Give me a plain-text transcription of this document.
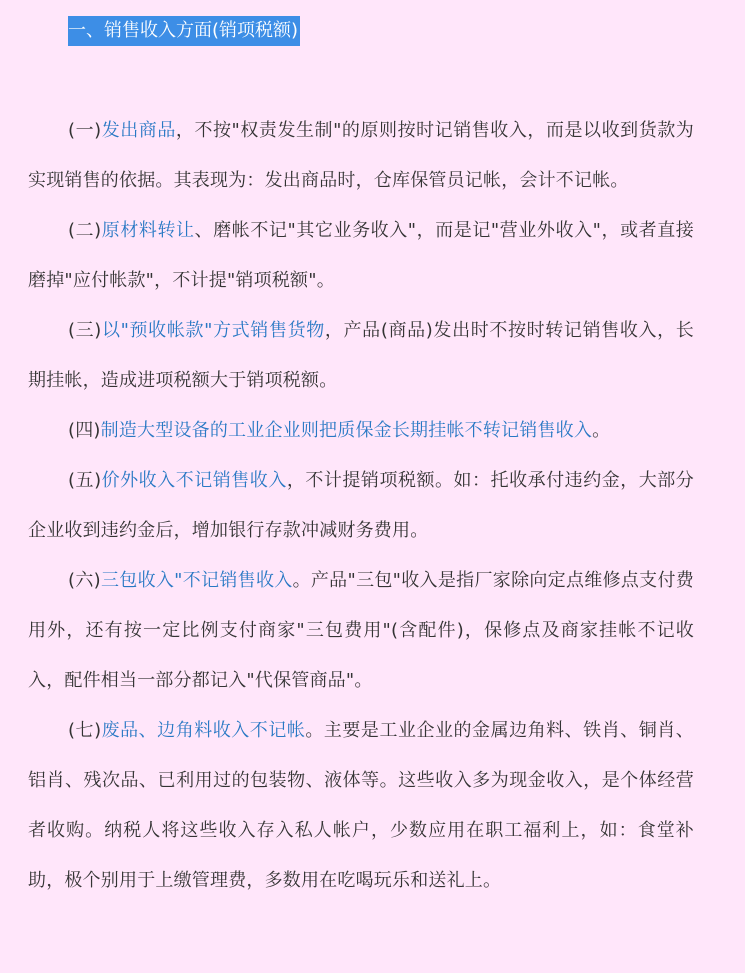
一、销售收入方面(销项税额)

(一)发出商品，不按"权责发生制"的原则按时记销售收入，而是以收到货款为实现销售的依据。其表现为：发出商品时，仓库保管员记帐，会计不记帐。

(二)原材料转让、磨帐不记"其它业务收入"，而是记"营业外收入"，或者直接磨掉"应付帐款"，不计提"销项税额"。

(三)以"预收帐款"方式销售货物，产品(商品)发出时不按时转记销售收入，长期挂帐，造成进项税额大于销项税额。

(四)制造大型设备的工业企业则把质保金长期挂帐不转记销售收入。

(五)价外收入不记销售收入，不计提销项税额。如：托收承付违约金，大部分企业收到违约金后，增加银行存款冲减财务费用。

(六)三包收入"不记销售收入。产品"三包"收入是指厂家除向定点维修点支付费用外，还有按一定比例支付商家"三包费用"(含配件)，保修点及商家挂帐不记收入，配件相当一部分都记入"代保管商品"。

(七)废品、边角料收入不记帐。主要是工业企业的金属边角料、铁肖、铜肖、铝肖、残次品、已利用过的包装物、液体等。这些收入多为现金收入，是个体经营者收购。纳税人将这些收入存入私人帐户，少数应用在职工福利上，如：食堂补助，极个别用于上缴管理费，多数用在吃喝玩乐和送礼上。
